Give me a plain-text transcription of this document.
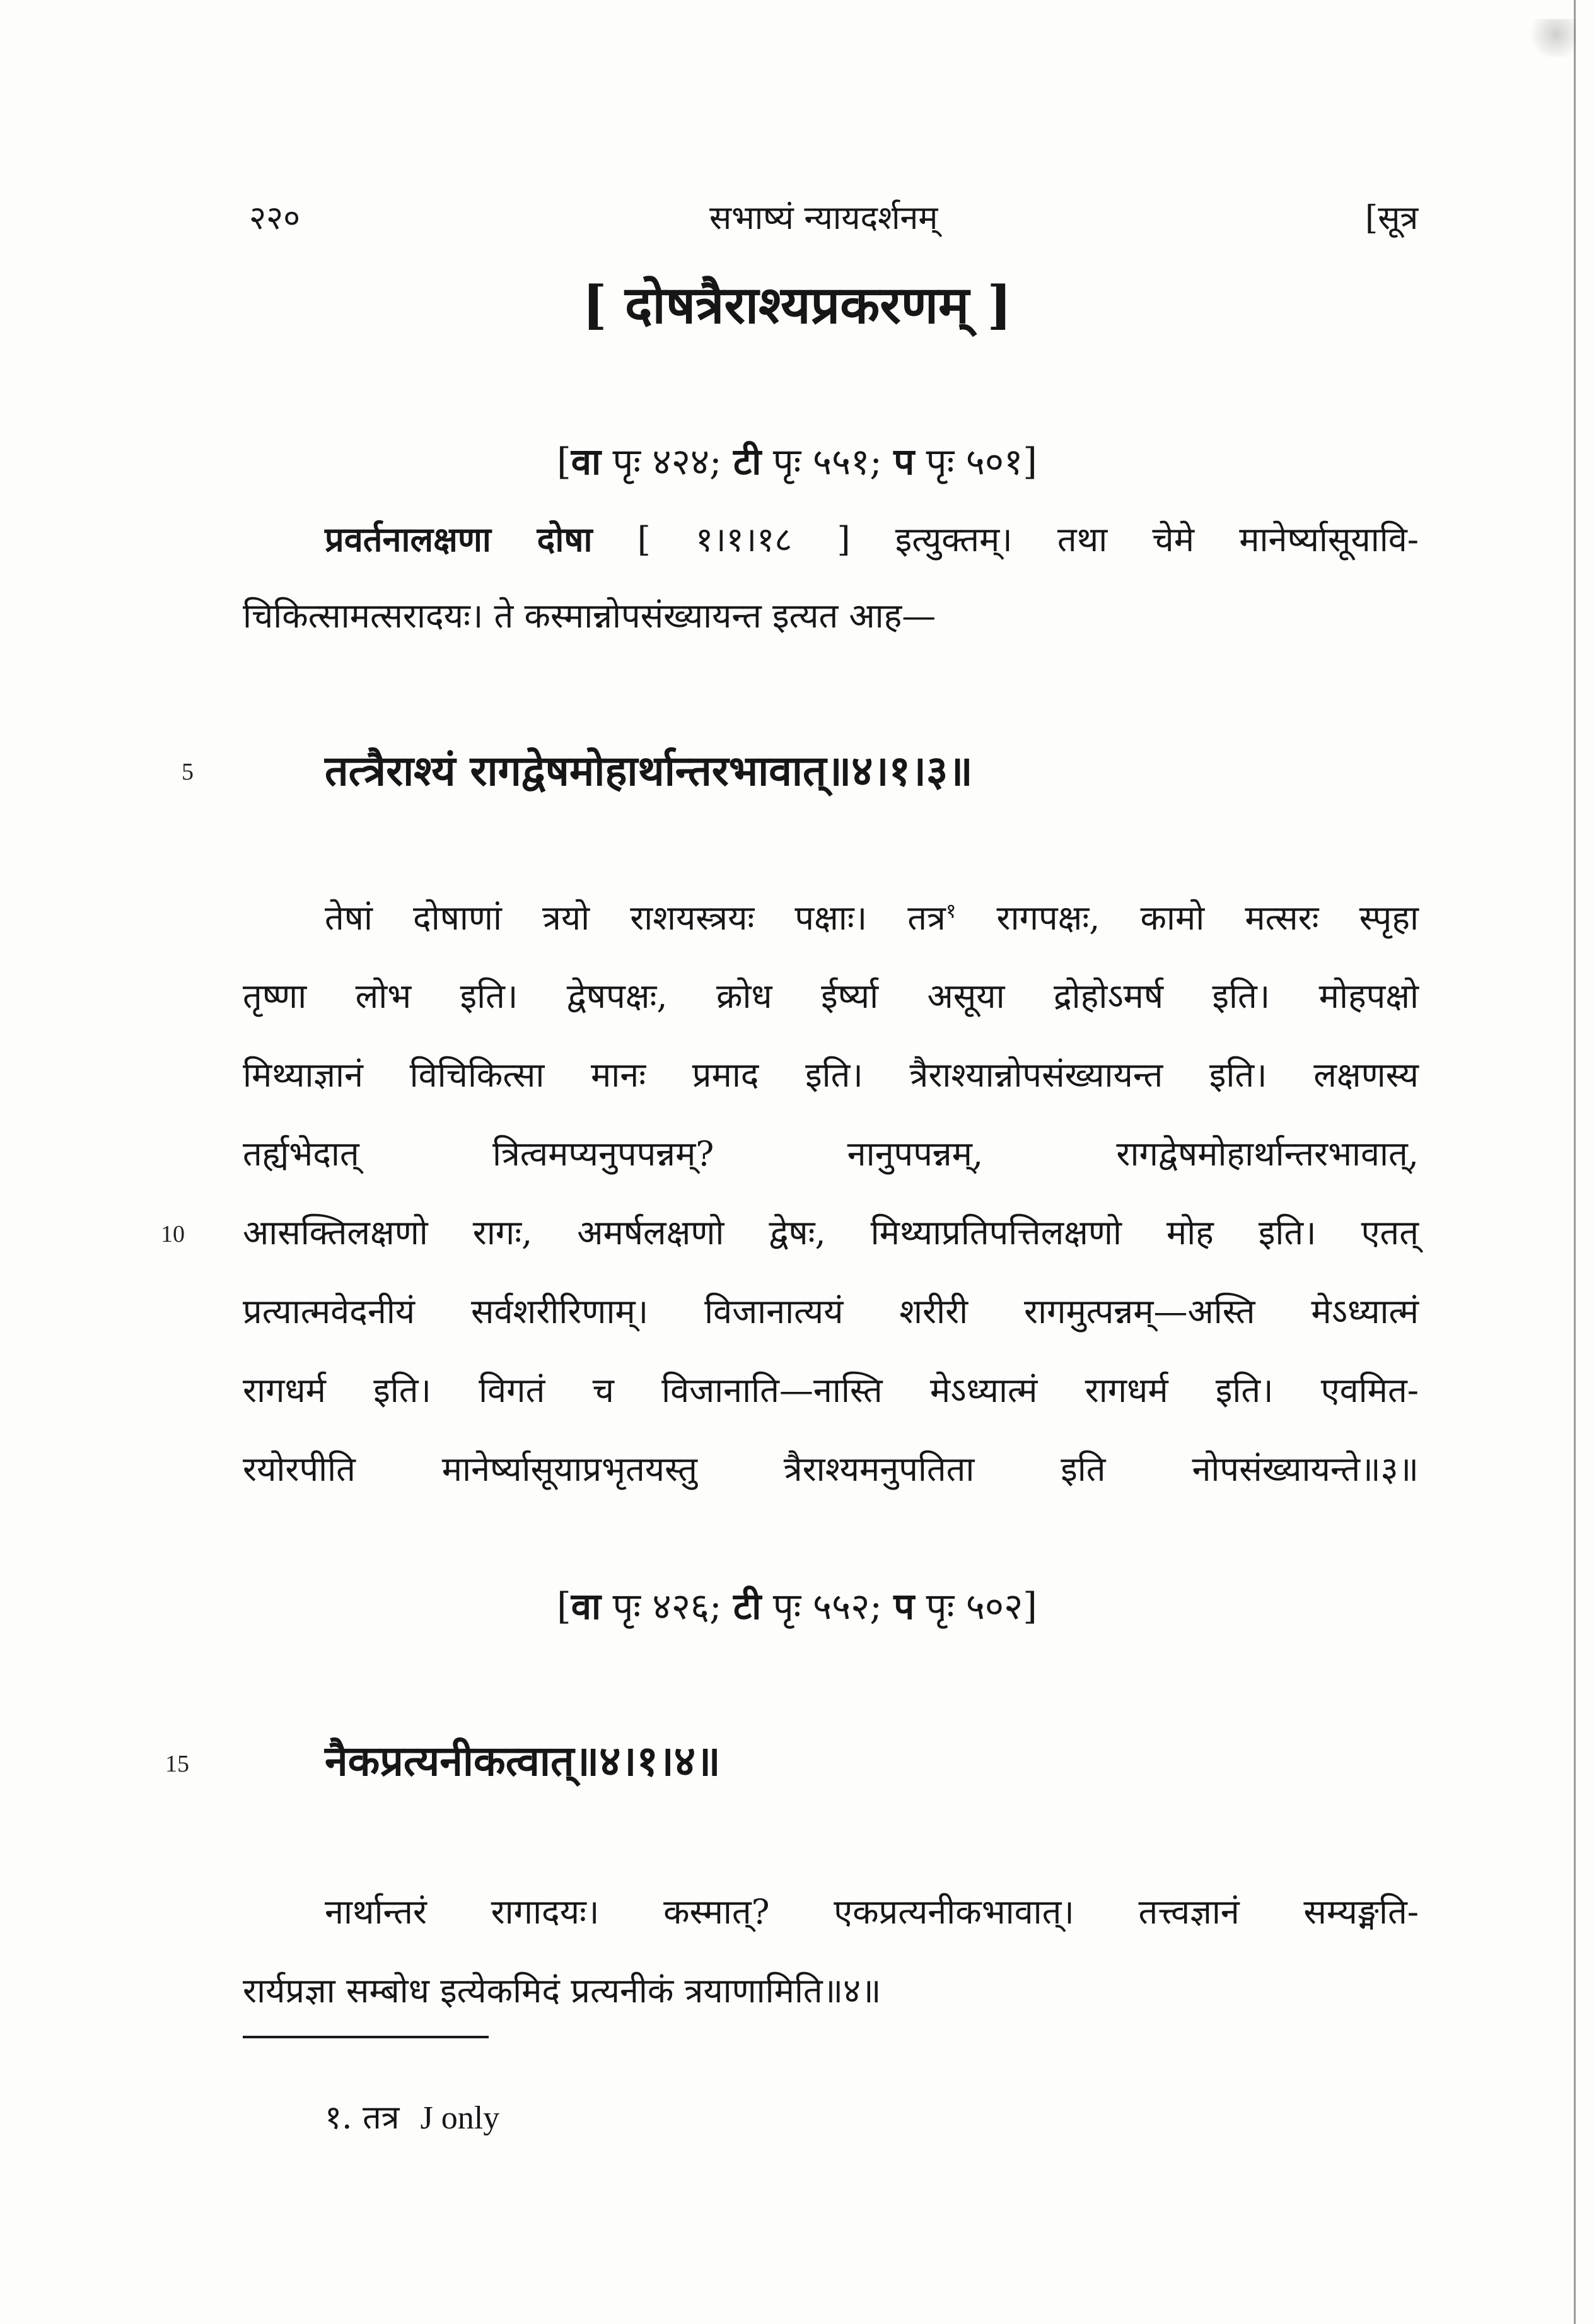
२२०	सभाष्यं न्यायदर्शनम्	[सूत्र
[ दोषत्रैराश्यप्रकरणम् ]
[वा पृः ४२४; टी पृः ५५१; प पृः ५०१]
प्रवर्तनालक्षणा दोषा [ १।१।१८ ] इत्युक्तम्। तथा चेमे मानेर्ष्यासूयावि-
चिकित्सामत्सरादयः। ते कस्मान्नोपसंख्यायन्त इत्यत आह—
5
10
15
तत्त्रैराश्यं रागद्वेषमोहार्थान्तरभावात्॥४।१।३॥
तेषां दोषाणां त्रयो राशयस्त्रयः पक्षाः। तत्र$^१$ रागपक्षः, कामो मत्सरः स्पृहा
तृष्णा लोभ इति। द्वेषपक्षः, क्रोध ईर्ष्या असूया द्रोहोऽमर्ष इति। मोहपक्षो
मिथ्याज्ञानं विचिकित्सा मानः प्रमाद इति। त्रैराश्यान्नोपसंख्यायन्त इति। लक्षणस्य
तर्ह्यभेदात् त्रित्वमप्यनुपपन्नम्? नानुपपन्नम्, रागद्वेषमोहार्थान्तरभावात्,
आसक्तिलक्षणो रागः, अमर्षलक्षणो द्वेषः, मिथ्याप्रतिपत्तिलक्षणो मोह इति। एतत्
प्रत्यात्मवेदनीयं सर्वशरीरिणाम्। विजानात्ययं शरीरी रागमुत्पन्नम्—अस्ति मेऽध्यात्मं
रागधर्म इति। विगतं च विजानाति—नास्ति मेऽध्यात्मं रागधर्म इति। एवमित-
रयोरपीति मानेर्ष्यासूयाप्रभृतयस्तु त्रैराश्यमनुपतिता इति नोपसंख्यायन्ते॥३॥
[वा पृः ४२६; टी पृः ५५२; प पृः ५०२]
नैकप्रत्यनीकत्वात्॥४।१।४॥
नार्थान्तरं रागादयः। कस्मात्? एकप्रत्यनीकभावात्। तत्त्वज्ञानं सम्यङ्मति-
रार्यप्रज्ञा सम्बोध इत्येकमिदं प्रत्यनीकं त्रयाणामिति॥४॥
१. तत्र J only
